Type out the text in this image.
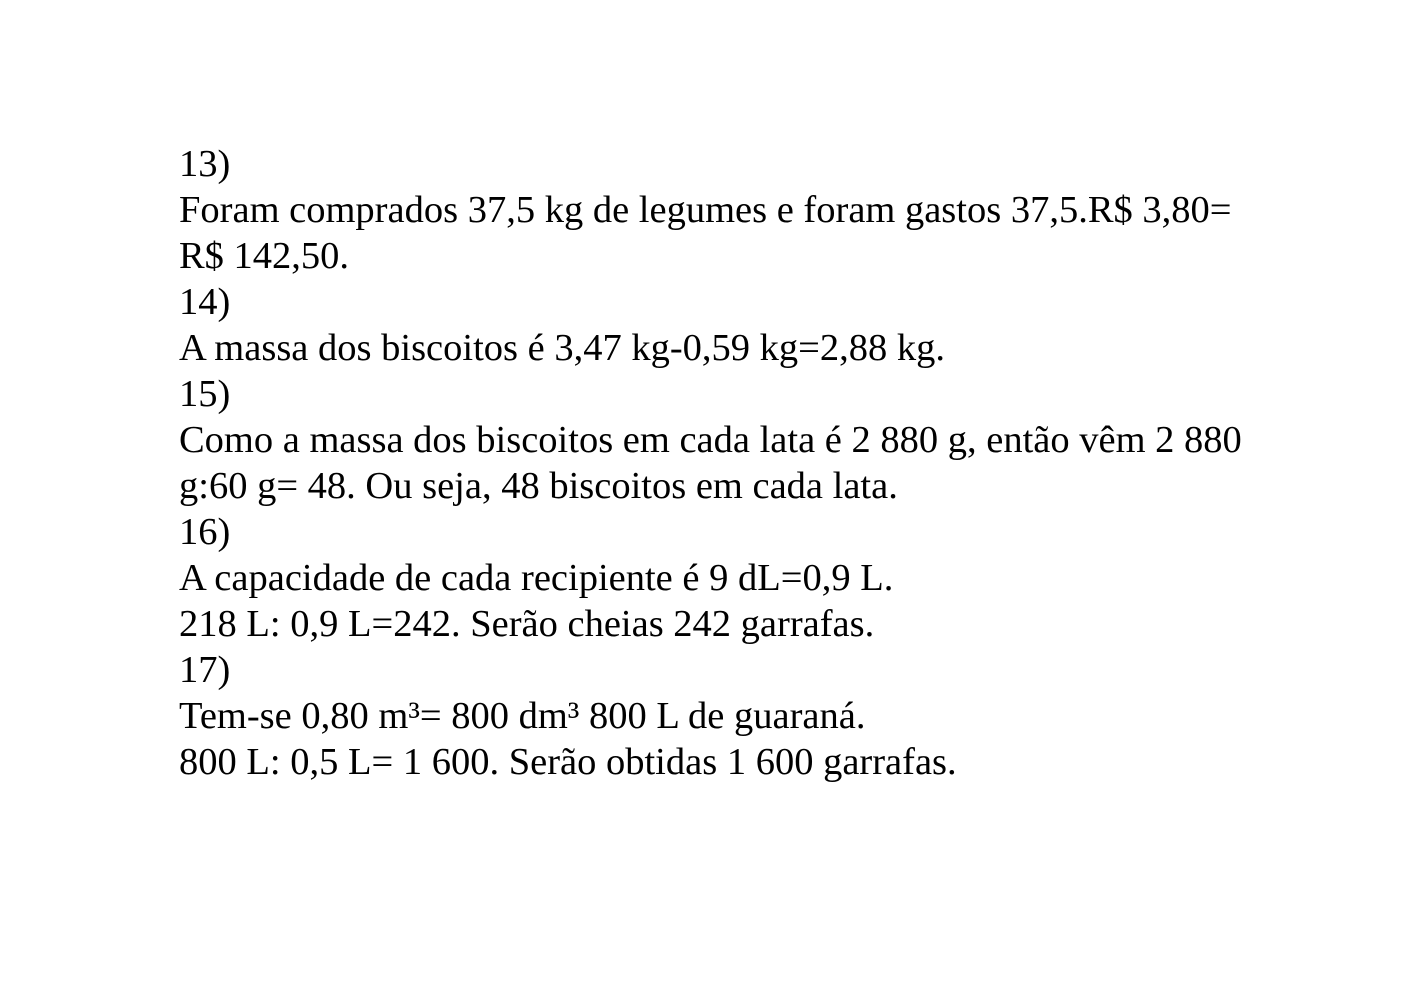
13)
Foram comprados 37,5 kg de legumes e foram gastos 37,5.R$ 3,80=
R$ 142,50.
14)
A massa dos biscoitos é 3,47 kg-0,59 kg=2,88 kg.
15)
Como a massa dos biscoitos em cada lata é 2 880 g, então vêm 2 880
g:60 g= 48. Ou seja, 48 biscoitos em cada lata.
16)
A capacidade de cada recipiente é 9 dL=0,9 L.
218 L: 0,9 L=242. Serão cheias 242 garrafas.
17)
Tem-se 0,80 m³= 800 dm³ 800 L de guaraná.
800 L: 0,5 L= 1 600. Serão obtidas 1 600 garrafas.
